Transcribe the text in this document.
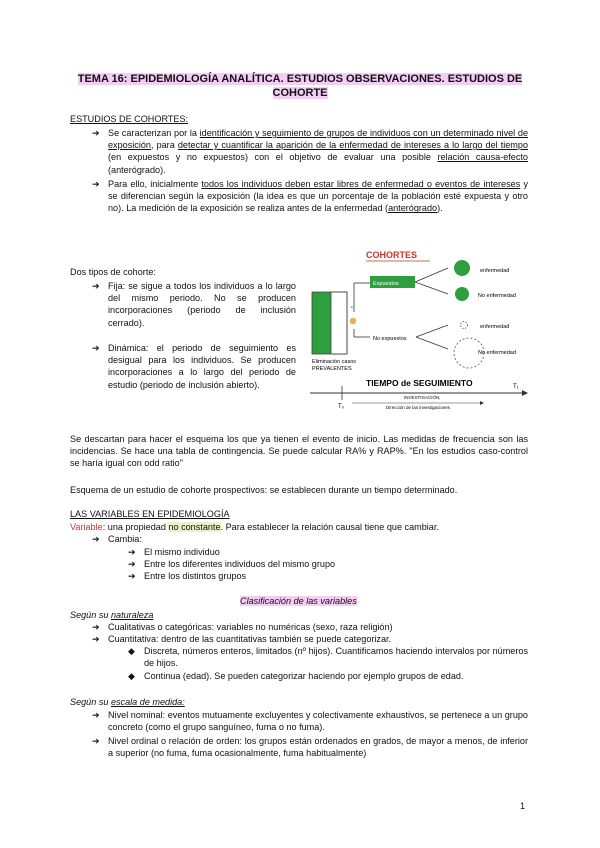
TEMA 16: EPIDEMIOLOGÍA ANALÍTICA. ESTUDIOS OBSERVACIONES. ESTUDIOS DE
COHORTE
ESTUDIOS DE COHORTES:
➔ Se caracterizan por la identificación y seguimiento de grupos de individuos con un determinado nivel de exposición, para detectar y cuantificar la aparición de la enfermedad de intereses a lo largo del tiempo (en expuestos y no expuestos) con el objetivo de evaluar una posible relación causa-efecto (anterógrado).
➔ Para ello, inicialmente todos los individuos deben estar libres de enfermedad o eventos de intereses y se diferencian según la exposición (la idea es que un porcentaje de la población esté expuesta y otro no). La medición de la exposición se realiza antes de la enfermedad (anterógrado).
Dos tipos de cohorte:
➔ Fija: se sigue a todos los individuos a lo largo del mismo periodo. No se producen incorporaciones (periodo de inclusión cerrado).
➔ Dinámica: el periodo de seguimiento es desigual para los individuos. Se producen incorporaciones a lo largo del periodo de estudio (periodo de inclusión abierto).
COHORTES
•
Expuestos
No expuestos
enfermedad
No enfermedad
enfermedad
No enfermedad
Eliminación casos
PREVALENTES
TIEMPO de SEGUIMIENTO
T₀
T₁
INVESTIGACIÓN,
Dirección de las investigaciones
Se descartan para hacer el esquema los que ya tienen el evento de inicio. Las medidas de frecuencia son las incidencias. Se hace una tabla de contingencia. Se puede calcular RA% y RAP%. "En los estudios caso-control se haría igual con odd ratio"
Esquema de un estudio de cohorte prospectivos: se establecen durante un tiempo determinado.
LAS VARIABLES EN EPIDEMIOLOGÍA
Variable: una propiedad no constante. Para establecer la relación causal tiene que cambiar.
➔ Cambia:
➔ El mismo individuo
➔ Entre los diferentes individuos del mismo grupo
➔ Entre los distintos grupos
Clasificación de las variables
Según su naturaleza
➔ Cualitativas o categóricas: variables no numéricas (sexo, raza religión)
➔ Cuantitativa: dentro de las cuantitativas también se puede categorizar.
◆ Discreta, números enteros, limitados (nº hijos). Cuantificamos haciendo intervalos por números de hijos.
◆ Continua (edad). Se pueden categorizar haciendo por ejemplo grupos de edad.
Según su escala de medida:
➔ Nivel nominal: eventos mutuamente excluyentes y colectivamente exhaustivos, se pertenece a un grupo concreto (como el grupo sanguíneo, fuma o no fuma).
➔ Nivel ordinal o relación de orden: los grupos están ordenados en grados, de mayor a menos, de inferior a superior (no fuma, fuma ocasionalmente, fuma habitualmente)
1
